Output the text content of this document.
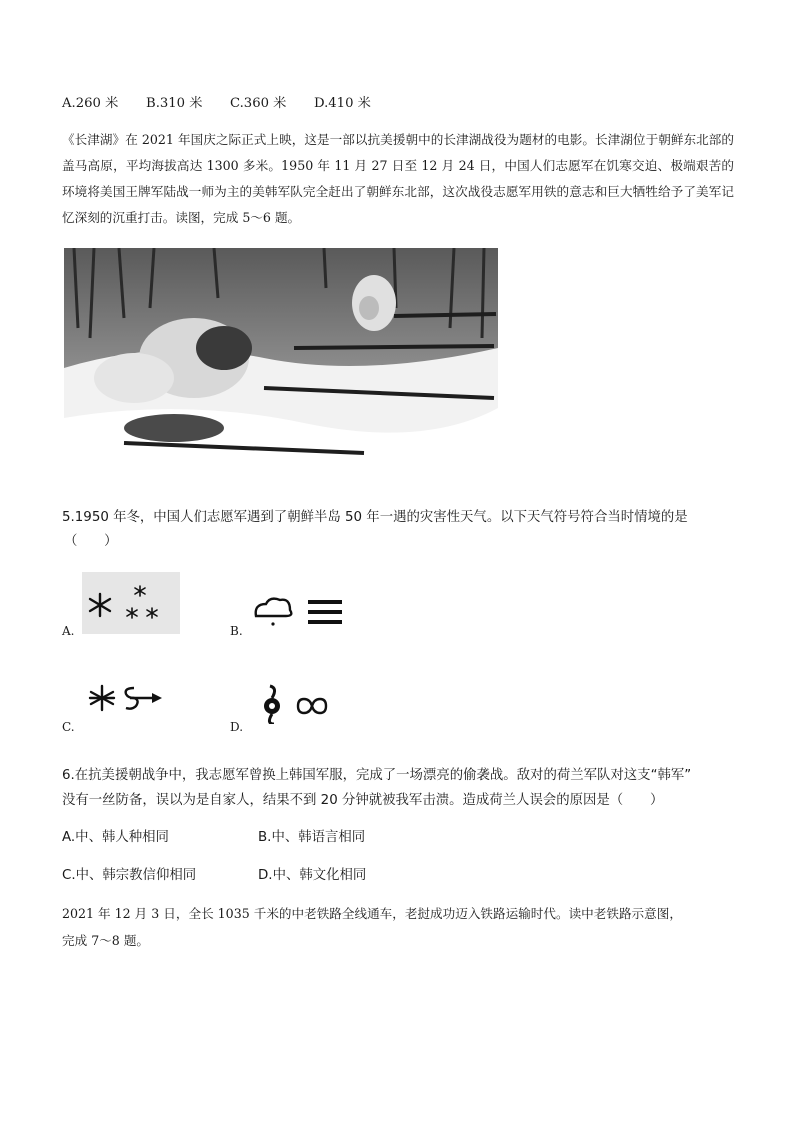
A.260 米 B.310 米 C.360 米 D.410 米
《长津湖》在 2021 年国庆之际正式上映，这是一部以抗美援朝中的长津湖战役为题材的电影。长津湖位于朝鲜东北部的盖马高原，平均海拔高达 1300 多米。1950 年 11 月 27 日至 12 月 24 日，中国人们志愿军在饥寒交迫、极端艰苦的环境将美国王牌军陆战一师为主的美韩军队完全赶出了朝鲜东北部，这次战役志愿军用铁的意志和巨大牺牲给予了美军记忆深刻的沉重打击。读图，完成 5～6 题。
5.1950 年冬，中国人们志愿军遇到了朝鲜半岛 50 年一遇的灾害性天气。以下天气符号符合当时情境的是
（　　）
A.	B.
C.	D.
6.在抗美援朝战争中，我志愿军曾换上韩国军服，完成了一场漂亮的偷袭战。敌对的荷兰军队对这支“韩军”
没有一丝防备，误以为是自家人，结果不到 20 分钟就被我军击溃。造成荷兰人误会的原因是（　　）
A.中、韩人种相同	B.中、韩语言相同
C.中、韩宗教信仰相同	D.中、韩文化相同
2021 年 12 月 3 日，全长 1035 千米的中老铁路全线通车，老挝成功迈入铁路运输时代。读中老铁路示意图，
完成 7～8 题。
